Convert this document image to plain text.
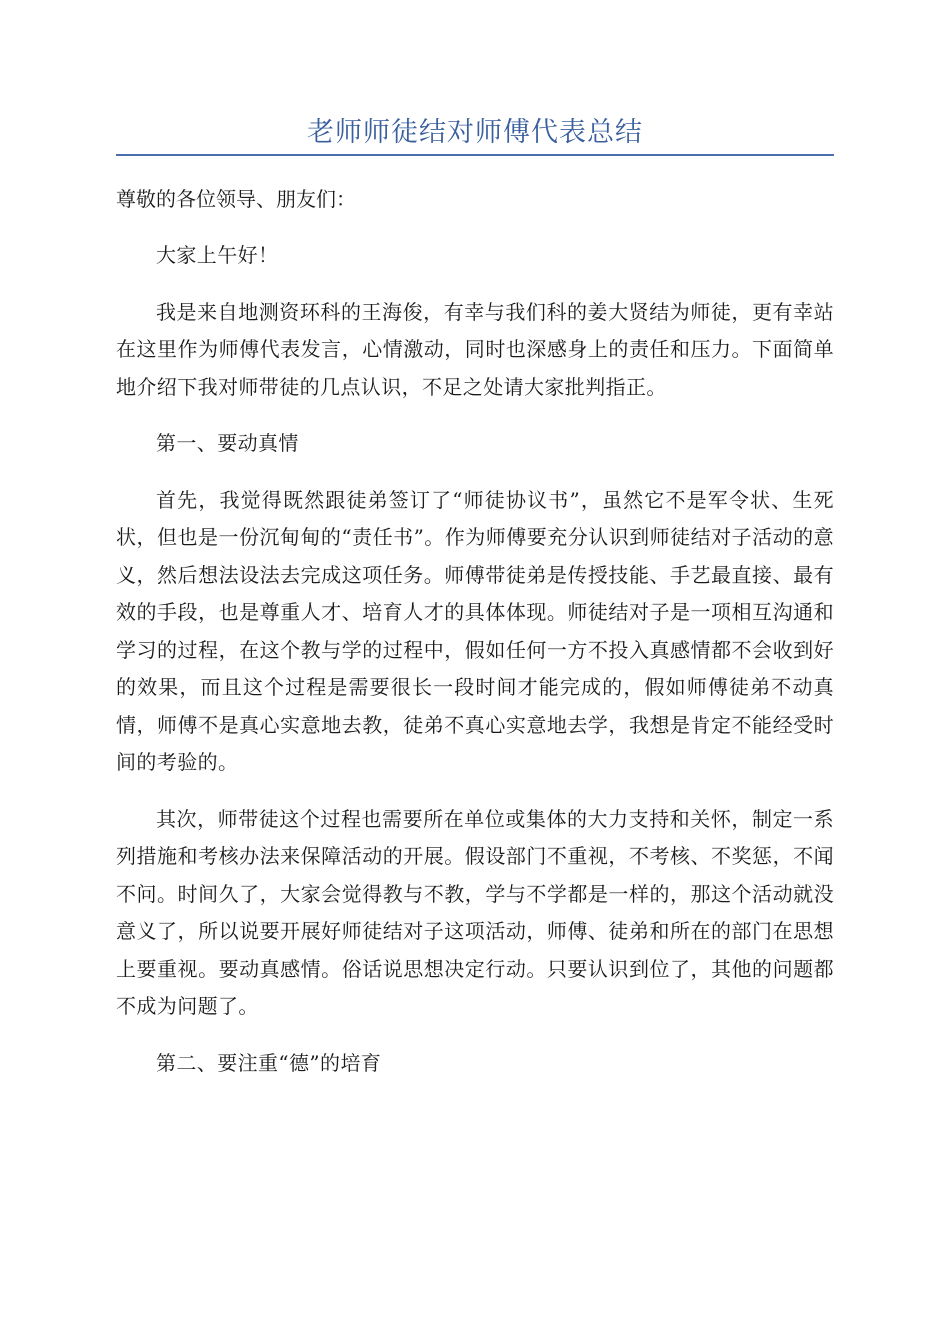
老师师徒结对师傅代表总结

尊敬的各位领导、朋友们：

大家上午好！

我是来自地测资环科的王海俊，有幸与我们科的姜大贤结为师徒，更有幸站在这里作为师傅代表发言，心情激动，同时也深感身上的责任和压力。下面简单地介绍下我对师带徒的几点认识，不足之处请大家批判指正。

第一、要动真情

首先，我觉得既然跟徒弟签订了“师徒协议书”，虽然它不是军令状、生死状，但也是一份沉甸甸的“责任书”。作为师傅要充分认识到师徒结对子活动的意义，然后想法设法去完成这项任务。师傅带徒弟是传授技能、手艺最直接、最有效的手段，也是尊重人才、培育人才的具体体现。师徒结对子是一项相互沟通和学习的过程，在这个教与学的过程中，假如任何一方不投入真感情都不会收到好的效果，而且这个过程是需要很长一段时间才能完成的，假如师傅徒弟不动真情，师傅不是真心实意地去教，徒弟不真心实意地去学，我想是肯定不能经受时间的考验的。

其次，师带徒这个过程也需要所在单位或集体的大力支持和关怀，制定一系列措施和考核办法来保障活动的开展。假设部门不重视，不考核、不奖惩，不闻不问。时间久了，大家会觉得教与不教，学与不学都是一样的，那这个活动就没意义了，所以说要开展好师徒结对子这项活动，师傅、徒弟和所在的部门在思想上要重视。要动真感情。俗话说思想决定行动。只要认识到位了，其他的问题都不成为问题了。

第二、要注重“德”的培育
